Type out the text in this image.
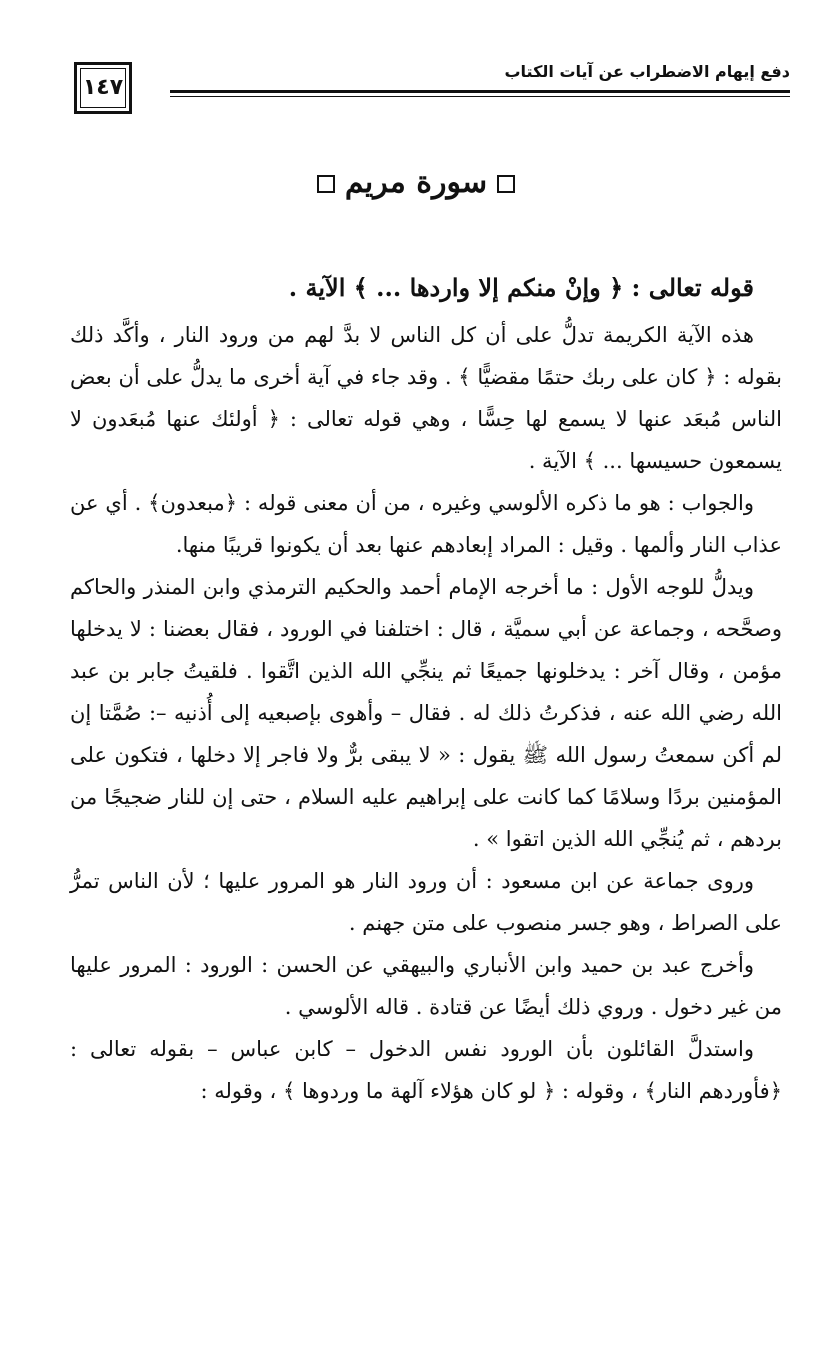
١٤٧
دفع إيهام الاضطراب عن آيات الكتاب
سورة مريم

قوله تعالى : ﴿ وإنْ منكم إلا واردها ... ﴾ الآية .

هذه الآية الكريمة تدلُّ على أن كل الناس لا بدَّ لهم من ورود النار ، وأكَّد ذلك بقوله : ﴿ كان على ربك حتمًا مقضيًّا ﴾ . وقد جاء في آية أخرى ما يدلُّ على أن بعض الناس مُبعَد عنها لا يسمع لها حِسًّا ، وهي قوله تعالى : ﴿ أولئك عنها مُبعَدون لا يسمعون حسيسها ... ﴾ الآية .

والجواب : هو ما ذكره الألوسي وغيره ، من أن معنى قوله : ﴿مبعدون﴾ . أي عن عذاب النار وألمها . وقيل : المراد إبعادهم عنها بعد أن يكونوا قريبًا منها.

ويدلُّ للوجه الأول : ما أخرجه الإمام أحمد والحكيم الترمذي وابن المنذر والحاكم وصحَّحه ، وجماعة عن أبي سميَّة ، قال : اختلفنا في الورود ، فقال بعضنا : لا يدخلها مؤمن ، وقال آخر : يدخلونها جميعًا ثم ينجِّي الله الذين اتَّقوا . فلقيتُ جابر بن عبد الله رضي الله عنه ، فذكرتُ ذلك له . فقال – وأهوى بإصبعيه إلى أُذنيه –: صُمَّتا إن لم أكن سمعتُ رسول الله ﷺ يقول : « لا يبقى برٌّ ولا فاجر إلا دخلها ، فتكون على المؤمنين بردًا وسلامًا كما كانت على إبراهيم عليه السلام ، حتى إن للنار ضجيجًا من بردهم ، ثم يُنجِّي الله الذين اتقوا » .

وروى جماعة عن ابن مسعود : أن ورود النار هو المرور عليها ؛ لأن الناس تمرُّ على الصراط ، وهو جسر منصوب على متن جهنم .

وأخرج عبد بن حميد وابن الأنباري والبيهقي عن الحسن : الورود : المرور عليها من غير دخول . وروي ذلك أيضًا عن قتادة . قاله الألوسي .

واستدلَّ القائلون بأن الورود نفس الدخول – كابن عباس – بقوله تعالى : ﴿فأوردهم النار﴾ ، وقوله : ﴿ لو كان هؤلاء آلهة ما وردوها ﴾ ، وقوله :
